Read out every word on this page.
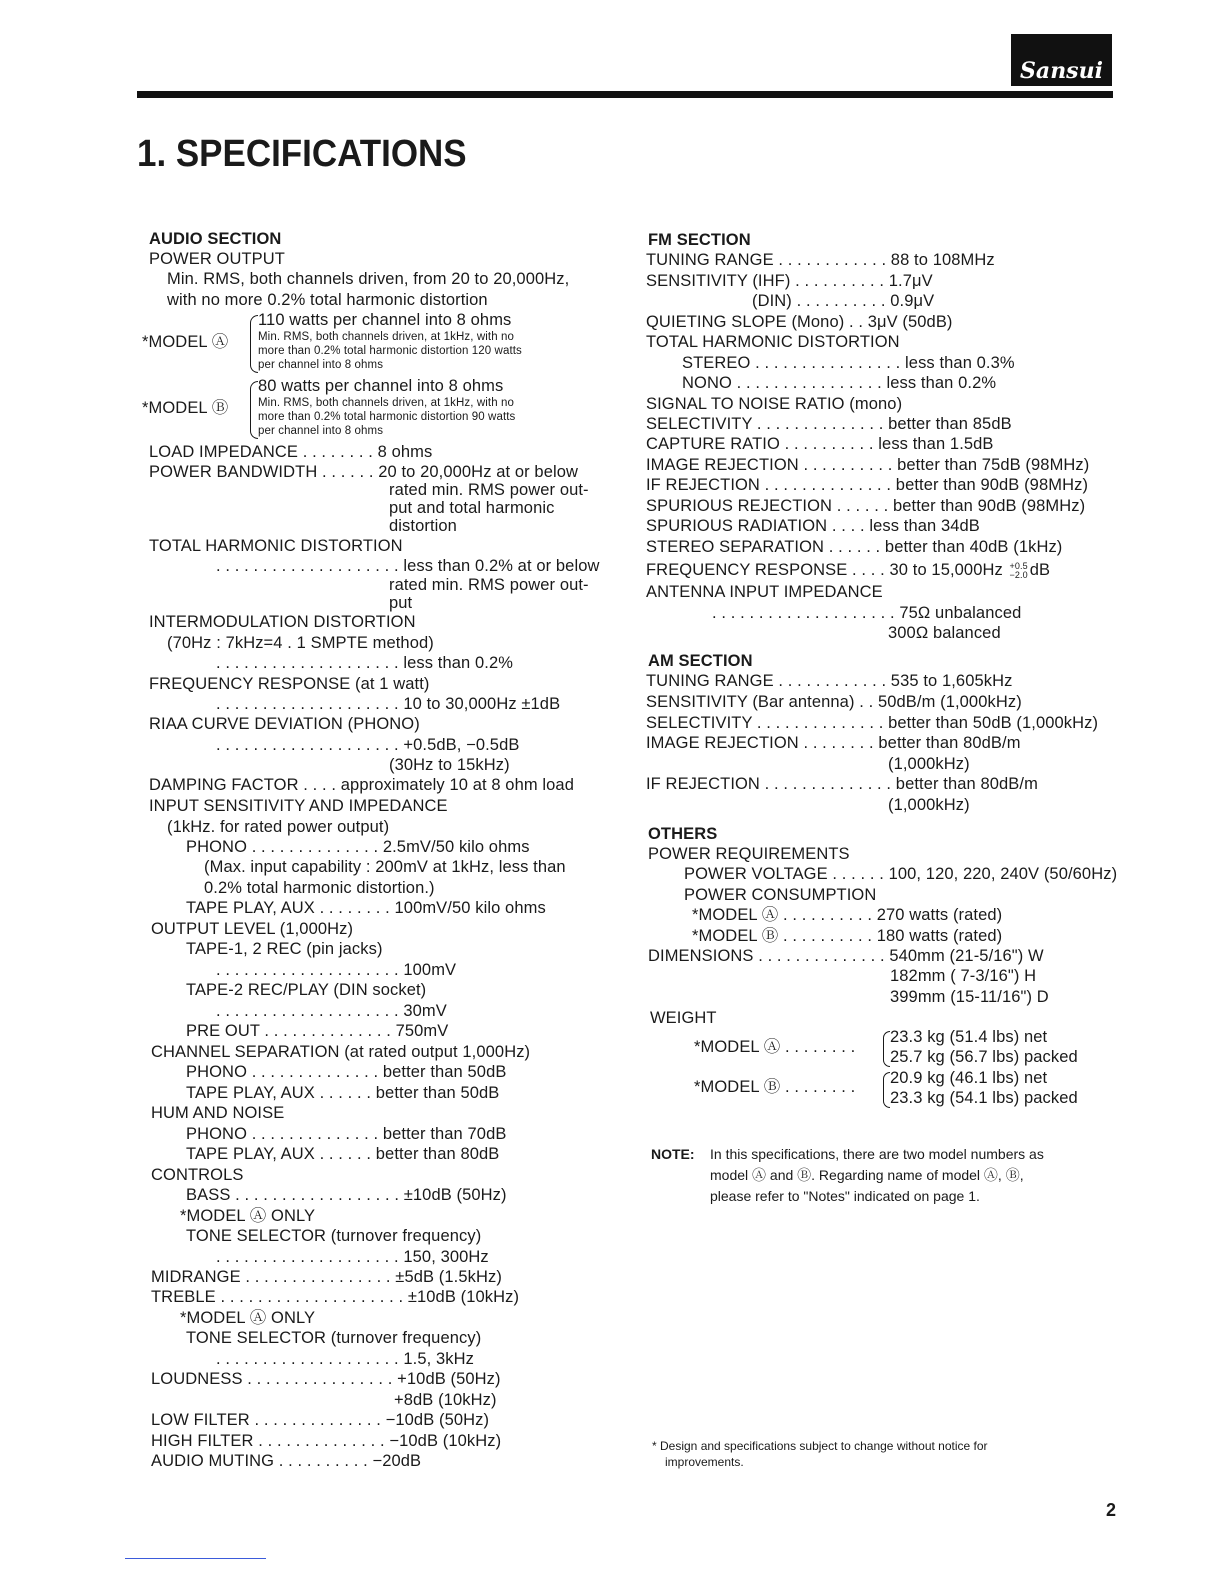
Sansui
1. SPECIFICATIONS
AUDIO SECTION
POWER OUTPUT
Min. RMS, both channels driven, from 20 to 20,000Hz,
with no more 0.2% total harmonic distortion
*MODEL Ⓐ
110 watts per channel into 8 ohms
Min. RMS, both channels driven, at 1kHz, with no
more than 0.2% total harmonic distortion 120 watts
per channel into 8 ohms
*MODEL Ⓑ
80 watts per channel into 8 ohms
Min. RMS, both channels driven, at 1kHz, with no
more than 0.2% total harmonic distortion 90 watts
per channel into 8 ohms
LOAD IMPEDANCE . . . . . . . . 8 ohms
POWER BANDWIDTH . . . . . . 20 to 20,000Hz at or below
rated min. RMS power out-
put and total harmonic
distortion
TOTAL HARMONIC DISTORTION
. . . . . . . . . . . . . . . . . . . . less than 0.2% at or below
rated min. RMS power out-
put
INTERMODULATION DISTORTION
(70Hz : 7kHz=4 . 1 SMPTE method)
. . . . . . . . . . . . . . . . . . . . less than 0.2%
FREQUENCY RESPONSE (at 1 watt)
. . . . . . . . . . . . . . . . . . . . 10 to 30,000Hz ±1dB
RIAA CURVE DEVIATION (PHONO)
. . . . . . . . . . . . . . . . . . . . +0.5dB, −0.5dB
(30Hz to 15kHz)
DAMPING FACTOR . . . . approximately 10 at 8 ohm load
INPUT SENSITIVITY AND IMPEDANCE
(1kHz. for rated power output)
PHONO . . . . . . . . . . . . . . 2.5mV/50 kilo ohms
(Max. input capability : 200mV at 1kHz, less than
0.2% total harmonic distortion.)
TAPE PLAY, AUX . . . . . . . . 100mV/50 kilo ohms
OUTPUT LEVEL (1,000Hz)
TAPE-1, 2 REC (pin jacks)
. . . . . . . . . . . . . . . . . . . . 100mV
TAPE-2 REC/PLAY (DIN socket)
. . . . . . . . . . . . . . . . . . . . 30mV
PRE OUT . . . . . . . . . . . . . . 750mV
CHANNEL SEPARATION (at rated output 1,000Hz)
PHONO . . . . . . . . . . . . . . better than 50dB
TAPE PLAY, AUX . . . . . . better than 50dB
HUM AND NOISE
PHONO . . . . . . . . . . . . . . better than 70dB
TAPE PLAY, AUX . . . . . . better than 80dB
CONTROLS
BASS . . . . . . . . . . . . . . . . . . ±10dB (50Hz)
*MODEL Ⓐ ONLY
TONE SELECTOR (turnover frequency)
. . . . . . . . . . . . . . . . . . . . 150, 300Hz
MIDRANGE . . . . . . . . . . . . . . . . ±5dB (1.5kHz)
TREBLE . . . . . . . . . . . . . . . . . . . . ±10dB (10kHz)
*MODEL Ⓐ ONLY
TONE SELECTOR (turnover frequency)
. . . . . . . . . . . . . . . . . . . . 1.5, 3kHz
LOUDNESS . . . . . . . . . . . . . . . . +10dB (50Hz)
+8dB (10kHz)
LOW FILTER . . . . . . . . . . . . . . −10dB (50Hz)
HIGH FILTER . . . . . . . . . . . . . . −10dB (10kHz)
AUDIO MUTING . . . . . . . . . . −20dB
FM SECTION
TUNING RANGE . . . . . . . . . . . . 88 to 108MHz
SENSITIVITY (IHF) . . . . . . . . . . 1.7μV
(DIN) . . . . . . . . . . 0.9μV
QUIETING SLOPE (Mono) . . 3μV (50dB)
TOTAL HARMONIC DISTORTION
STEREO . . . . . . . . . . . . . . . . less than 0.3%
NONO . . . . . . . . . . . . . . . . less than 0.2%
SIGNAL TO NOISE RATIO (mono)
SELECTIVITY . . . . . . . . . . . . . . better than 85dB
CAPTURE RATIO . . . . . . . . . . less than 1.5dB
IMAGE REJECTION . . . . . . . . . . better than 75dB (98MHz)
IF REJECTION . . . . . . . . . . . . . . better than 90dB (98MHz)
SPURIOUS REJECTION . . . . . . better than 90dB (98MHz)
SPURIOUS RADIATION . . . . less than 34dB
STEREO SEPARATION . . . . . . better than 40dB (1kHz)
FREQUENCY RESPONSE . . . . 30 to 15,000Hz +0.5
−2.0 dB
ANTENNA INPUT IMPEDANCE
. . . . . . . . . . . . . . . . . . . . 75Ω unbalanced
300Ω balanced
AM SECTION
TUNING RANGE . . . . . . . . . . . . 535 to 1,605kHz
SENSITIVITY (Bar antenna) . . 50dB/m (1,000kHz)
SELECTIVITY . . . . . . . . . . . . . . better than 50dB (1,000kHz)
IMAGE REJECTION . . . . . . . . better than 80dB/m
(1,000kHz)
IF REJECTION . . . . . . . . . . . . . . better than 80dB/m
(1,000kHz)
OTHERS
POWER REQUIREMENTS
POWER VOLTAGE . . . . . . 100, 120, 220, 240V (50/60Hz)
POWER CONSUMPTION
*MODEL Ⓐ . . . . . . . . . . 270 watts (rated)
*MODEL Ⓑ . . . . . . . . . . 180 watts (rated)
DIMENSIONS . . . . . . . . . . . . . . 540mm (21-5/16") W
182mm ( 7-3/16") H
399mm (15-11/16") D
WEIGHT
*MODEL Ⓐ . . . . . . . .
23.3 kg (51.4 lbs) net
25.7 kg (56.7 lbs) packed
*MODEL Ⓑ . . . . . . . . 20.9 kg (46.1 lbs) net
23.3 kg (54.1 lbs) packed
NOTE: In this specifications, there are two model numbers as
model Ⓐ and Ⓑ. Regarding name of model Ⓐ, Ⓑ,
please refer to "Notes" indicated on page 1.
* Design and specifications subject to change without notice for
improvements.
2
